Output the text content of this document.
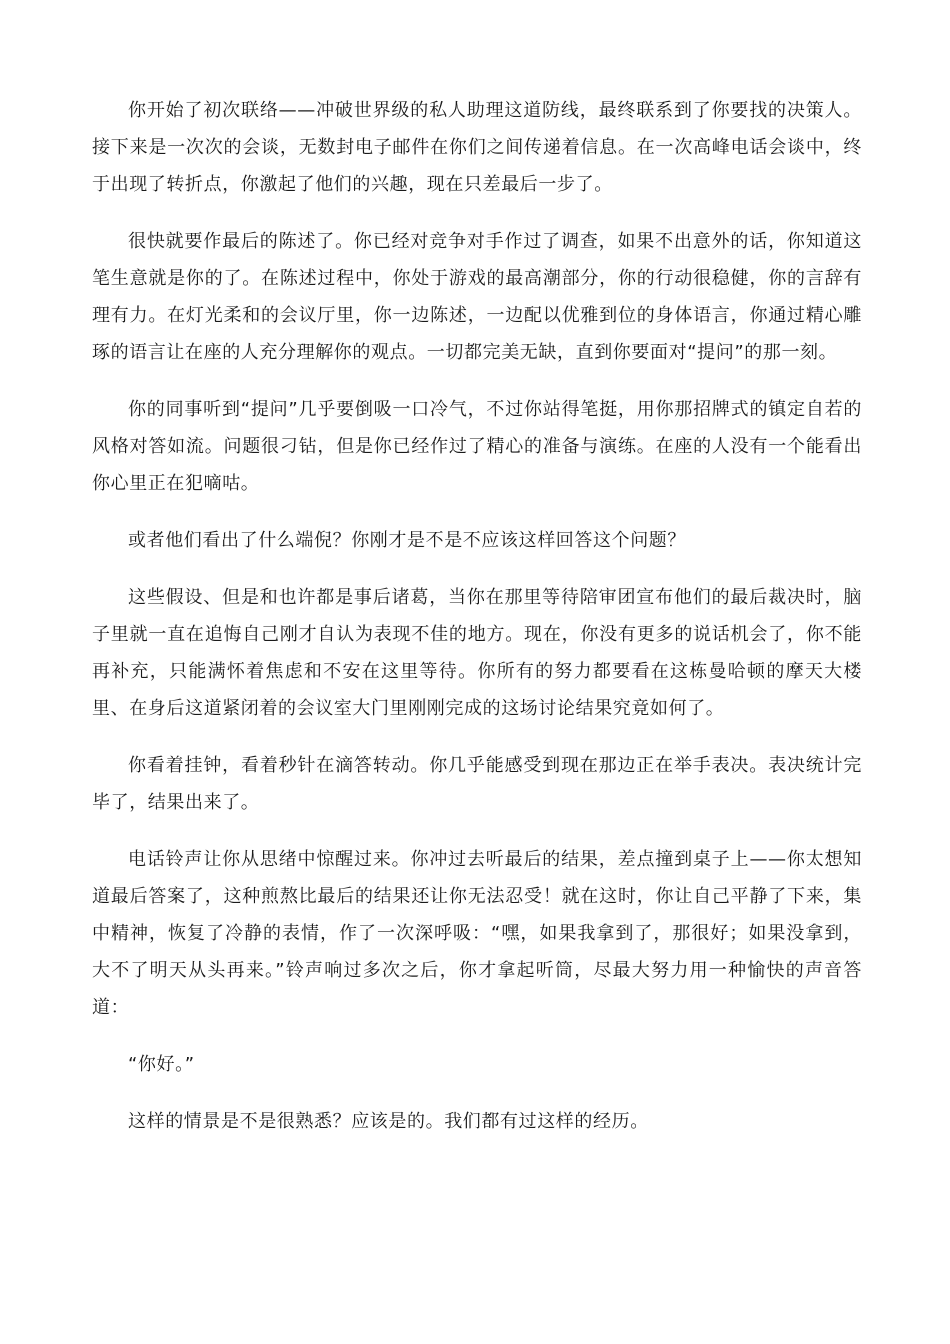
你开始了初次联络——冲破世界级的私人助理这道防线，最终联系到了你要找的决策人。接下来是一次次的会谈，无数封电子邮件在你们之间传递着信息。在一次高峰电话会谈中，终于出现了转折点，你激起了他们的兴趣，现在只差最后一步了。

很快就要作最后的陈述了。你已经对竞争对手作过了调查，如果不出意外的话，你知道这笔生意就是你的了。在陈述过程中，你处于游戏的最高潮部分，你的行动很稳健，你的言辞有理有力。在灯光柔和的会议厅里，你一边陈述，一边配以优雅到位的身体语言，你通过精心雕琢的语言让在座的人充分理解你的观点。一切都完美无缺，直到你要面对“提问”的那一刻。

你的同事听到“提问”几乎要倒吸一口冷气，不过你站得笔挺，用你那招牌式的镇定自若的风格对答如流。问题很刁钻，但是你已经作过了精心的准备与演练。在座的人没有一个能看出你心里正在犯嘀咕。

或者他们看出了什么端倪？你刚才是不是不应该这样回答这个问题？

这些假设、但是和也许都是事后诸葛，当你在那里等待陪审团宣布他们的最后裁决时，脑子里就一直在追悔自己刚才自认为表现不佳的地方。现在，你没有更多的说话机会了，你不能再补充，只能满怀着焦虑和不安在这里等待。你所有的努力都要看在这栋曼哈顿的摩天大楼里、在身后这道紧闭着的会议室大门里刚刚完成的这场讨论结果究竟如何了。

你看着挂钟，看着秒针在滴答转动。你几乎能感受到现在那边正在举手表决。表决统计完毕了，结果出来了。

电话铃声让你从思绪中惊醒过来。你冲过去听最后的结果，差点撞到桌子上——你太想知道最后答案了，这种煎熬比最后的结果还让你无法忍受！就在这时，你让自己平静了下来，集中精神，恢复了冷静的表情，作了一次深呼吸：“嘿，如果我拿到了，那很好；如果没拿到，大不了明天从头再来。”铃声响过多次之后，你才拿起听筒，尽最大努力用一种愉快的声音答道：

“你好。”

这样的情景是不是很熟悉？应该是的。我们都有过这样的经历。
